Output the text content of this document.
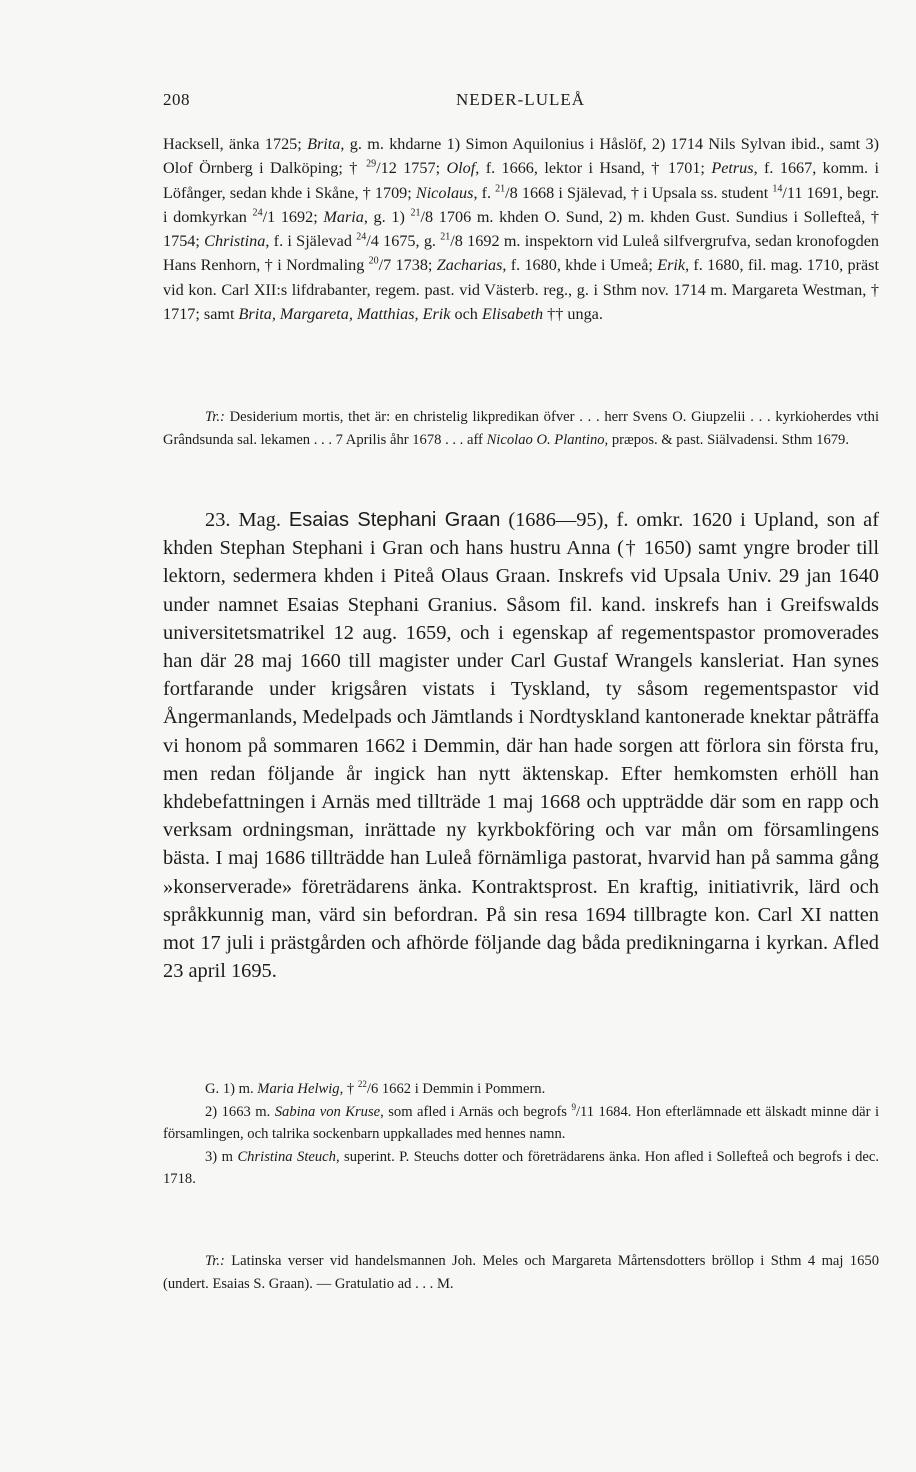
208	NEDER-LULEÅ

Hacksell, änka 1725; Brita, g. m. khdarne 1) Simon Aquilonius i Håslöf, 2) 1714 Nils Sylvan ibid., samt 3) Olof Örnberg i Dalköping; † $^{29}$/12 1757; Olof, f. 1666, lektor i Hsand, † 1701; Petrus, f. 1667, komm. i Löfånger, sedan khde i Skåne, † 1709; Nicolaus, f. $^{21}$/8 1668 i Själevad, † i Upsala ss. student $^{14}$/11 1691, begr. i domkyrkan $^{24}$/1 1692; Maria, g. 1) $^{21}$/8 1706 m. khden O. Sund, 2) m. khden Gust. Sundius i Sollefteå, † 1754; Christina, f. i Själevad $^{24}$/4 1675, g. $^{21}$/8 1692 m. inspektorn vid Luleå silfvergrufva, sedan kronofogden Hans Renhorn, † i Nordmaling $^{20}$/7 1738; Zacharias, f. 1680, khde i Umeå; Erik, f. 1680, fil. mag. 1710, präst vid kon. Carl XII:s lifdrabanter, regem. past. vid Västerb. reg., g. i Sthm nov. 1714 m. Margareta Westman, † 1717; samt Brita, Margareta, Matthias, Erik och Elisabeth †† unga.

Tr.: Desiderium mortis, thet är: en christelig likpredikan öfver . . . herr Svens O. Giupzelii . . . kyrkioherdes vthi Grândsunda sal. lekamen . . . 7 Aprilis åhr 1678 . . . aff Nicolao O. Plantino, præpos. & past. Siälvadensi. Sthm 1679.

23. Mag. Esaias Stephani Graan (1686—95), f. omkr. 1620 i Upland, son af khden Stephan Stephani i Gran och hans hustru Anna († 1650) samt yngre broder till lektorn, sedermera khden i Piteå Olaus Graan. Inskrefs vid Upsala Univ. 29 jan 1640 under namnet Esaias Stephani Granius. Såsom fil. kand. inskrefs han i Greifswalds universitetsmatrikel 12 aug. 1659, och i egenskap af regementspastor promoverades han där 28 maj 1660 till magister under Carl Gustaf Wrangels kansleriat. Han synes fortfarande under krigsåren vistats i Tyskland, ty såsom regementspastor vid Ångermanlands, Medelpads och Jämtlands i Nordtyskland kantonerade knektar påträffa vi honom på sommaren 1662 i Demmin, där han hade sorgen att förlora sin första fru, men redan följande år ingick han nytt äktenskap. Efter hemkomsten erhöll han khdebefattningen i Arnäs med tillträde 1 maj 1668 och uppträdde där som en rapp och verksam ordningsman, inrättade ny kyrkbokföring och var mån om församlingens bästa. I maj 1686 tillträdde han Luleå förnämliga pastorat, hvarvid han på samma gång »konserverade» företrädarens änka. Kontraktsprost. En kraftig, initiativrik, lärd och språkkunnig man, värd sin befordran. På sin resa 1694 tillbragte kon. Carl XI natten mot 17 juli i prästgården och afhörde följande dag båda predikningarna i kyrkan. Afled 23 april 1695.

G. 1) m. Maria Helwig, † $^{22}$/6 1662 i Demmin i Pommern.

2) 1663 m. Sabina von Kruse, som afled i Arnäs och begrofs $^9$/11 1684. Hon efterlämnade ett älskadt minne där i församlingen, och talrika sockenbarn uppkallades med hennes namn.

3) m Christina Steuch, superint. P. Steuchs dotter och företrädarens änka. Hon afled i Sollefteå och begrofs i dec. 1718.

Tr.: Latinska verser vid handelsmannen Joh. Meles och Margareta Mårtensdotters bröllop i Sthm 4 maj 1650 (undert. Esaias S. Graan). — Gratulatio ad . . . M.
